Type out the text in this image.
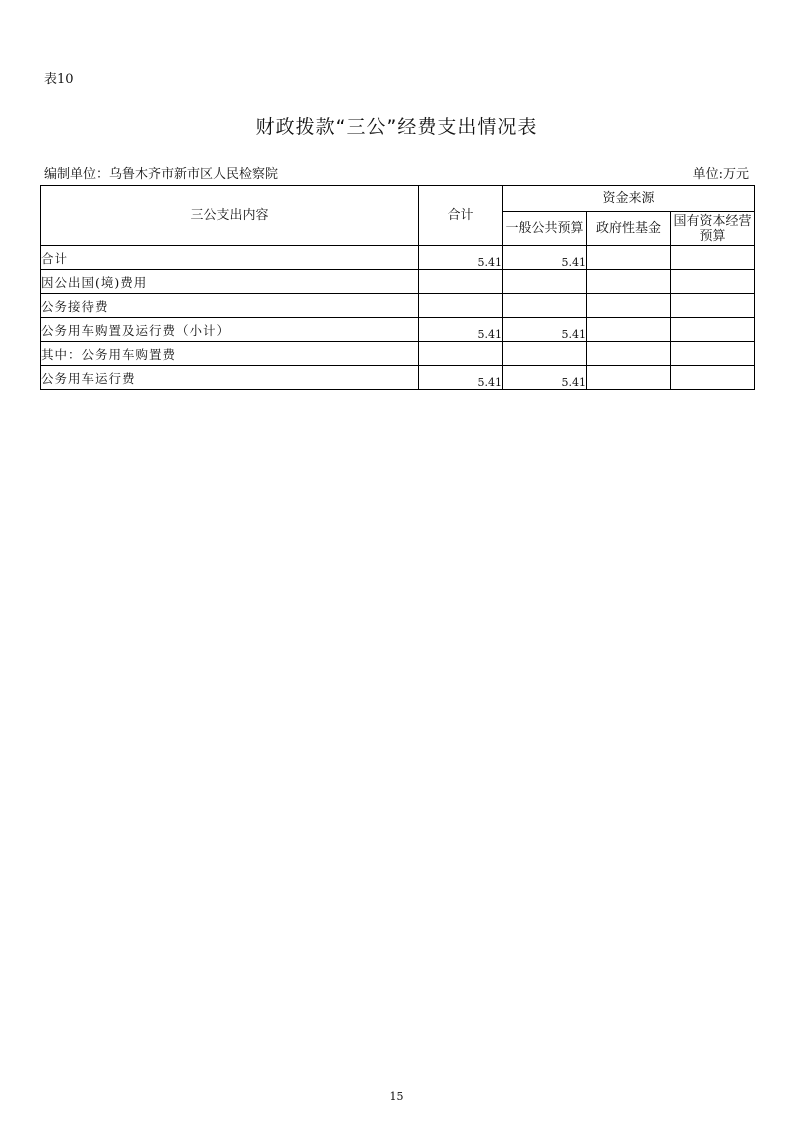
表10
财政拨款“三公”经费支出情况表
编制单位：乌鲁木齐市新市区人民检察院	单位:万元
三公支出内容	合计	资金来源		
		一般公共预算	政府性基金	国有资本经营预算
合计	5.41	5.41		
因公出国(境)费用				
公务接待费				
公务用车购置及运行费（小计）	5.41	5.41		
其中：公务用车购置费				
公务用车运行费	5.41	5.41		
15
